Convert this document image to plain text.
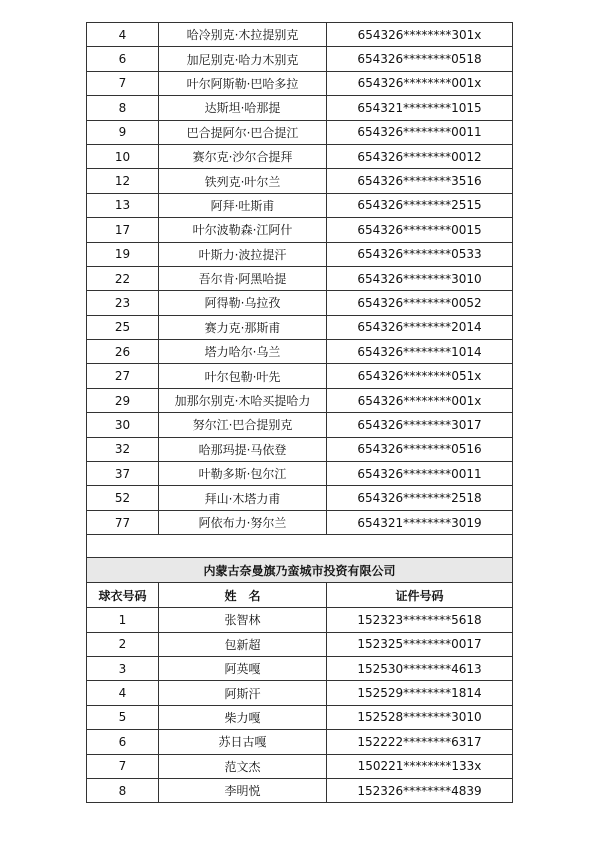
4	哈冷别克·木拉提别克	654326********301x
6	加尼别克·哈力木别克	654326********0518
7	叶尔阿斯勒·巴哈多拉	654326********001x
8	达斯坦·哈那提	654321********1015
9	巴合提阿尔·巴合提江	654326********0011
10	赛尔克·沙尔合提拜	654326********0012
12	铁列克·叶尔兰	654326********3516
13	阿拜·吐斯甫	654326********2515
17	叶尔波勒森·江阿什	654326********0015
19	叶斯力·波拉提汗	654326********0533
22	吾尔肯·阿黑哈提	654326********3010
23	阿得勒·乌拉孜	654326********0052
25	赛力克·那斯甫	654326********2014
26	塔力哈尔·乌兰	654326********1014
27	叶尔包勒·叶先	654326********051x
29	加那尔别克·木哈买提哈力	654326********001x
30	努尔江·巴合提别克	654326********3017
32	哈那玛提·马依登	654326********0516
37	叶勒多斯·包尔江	654326********0011
52	拜山·木塔力甫	654326********2518
77	阿依布力·努尔兰	654321********3019

内蒙古奈曼旗乃蛮城市投资有限公司		
球衣号码	姓　名	证件号码
1	张智林	152323********5618
2	包新超	152325********0017
3	阿英嘎	152530********4613
4	阿斯汗	152529********1814
5	柴力嘎	152528********3010
6	苏日古嘎	152222********6317
7	范文杰	150221********133x
8	李明悦	152326********4839
